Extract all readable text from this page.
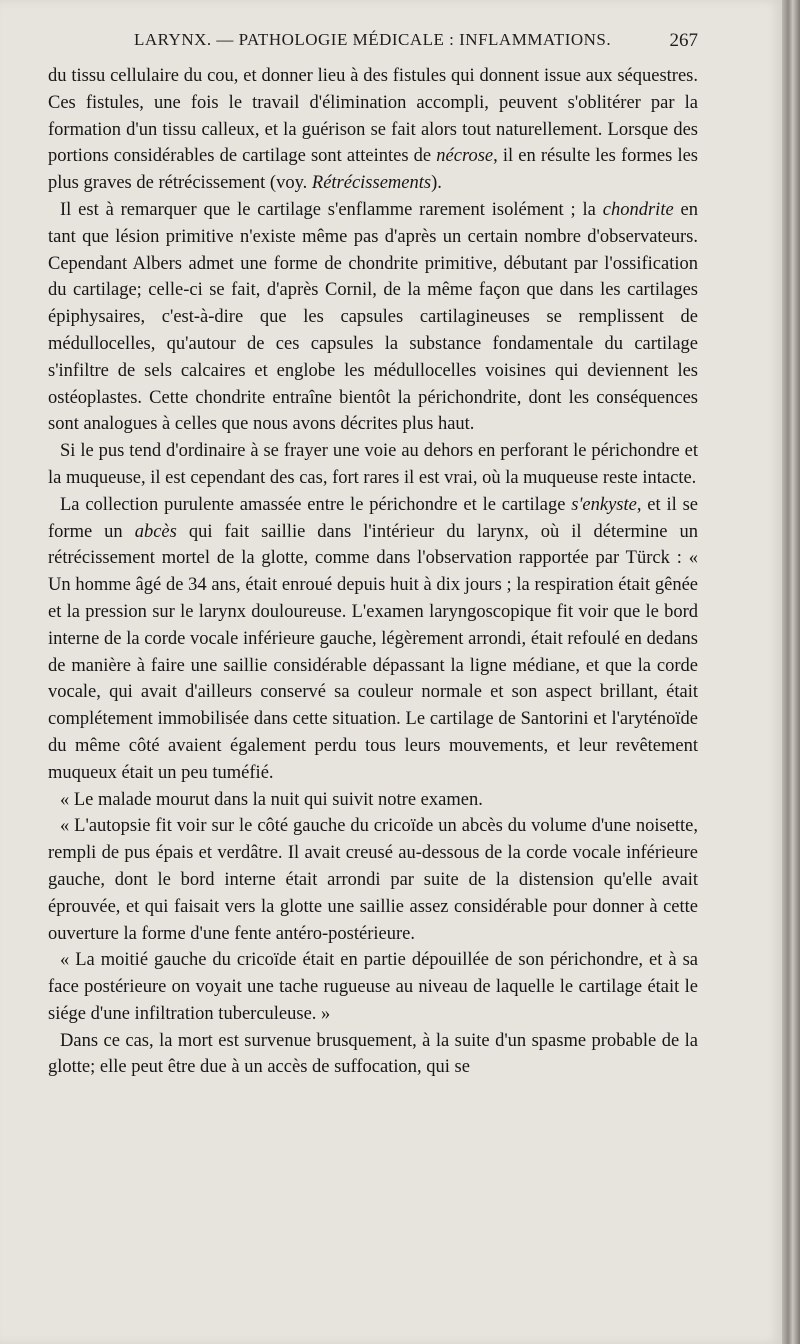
LARYNX. — PATHOLOGIE MÉDICALE : INFLAMMATIONS.	267

du tissu cellulaire du cou, et donner lieu à des fistules qui donnent issue aux séquestres. Ces fistules, une fois le travail d'élimination accompli, peuvent s'oblitérer par la formation d'un tissu calleux, et la guérison se fait alors tout naturellement. Lorsque des portions considérables de cartilage sont atteintes de nécrose, il en résulte les formes les plus graves de rétrécissement (voy. Rétrécissements).

Il est à remarquer que le cartilage s'enflamme rarement isolément ; la chondrite en tant que lésion primitive n'existe même pas d'après un certain nombre d'observateurs. Cependant Albers admet une forme de chondrite primitive, débutant par l'ossification du cartilage; celle-ci se fait, d'après Cornil, de la même façon que dans les cartilages épiphysaires, c'est-à-dire que les capsules cartilagineuses se remplissent de médullocelles, qu'autour de ces capsules la substance fondamentale du cartilage s'infiltre de sels calcaires et englobe les médullocelles voisines qui deviennent les ostéoplastes. Cette chondrite entraîne bientôt la périchondrite, dont les conséquences sont analogues à celles que nous avons décrites plus haut.

Si le pus tend d'ordinaire à se frayer une voie au dehors en perforant le périchondre et la muqueuse, il est cependant des cas, fort rares il est vrai, où la muqueuse reste intacte.

La collection purulente amassée entre le périchondre et le cartilage s'enkyste, et il se forme un abcès qui fait saillie dans l'intérieur du larynx, où il détermine un rétrécissement mortel de la glotte, comme dans l'observation rapportée par Türck : « Un homme âgé de 34 ans, était enroué depuis huit à dix jours ; la respiration était gênée et la pression sur le larynx douloureuse. L'examen laryngoscopique fit voir que le bord interne de la corde vocale inférieure gauche, légèrement arrondi, était refoulé en dedans de manière à faire une saillie considérable dépassant la ligne médiane, et que la corde vocale, qui avait d'ailleurs conservé sa couleur normale et son aspect brillant, était complétement immobilisée dans cette situation. Le cartilage de Santorini et l'aryténoïde du même côté avaient également perdu tous leurs mouvements, et leur revêtement muqueux était un peu tuméfié.

« Le malade mourut dans la nuit qui suivit notre examen.

« L'autopsie fit voir sur le côté gauche du cricoïde un abcès du volume d'une noisette, rempli de pus épais et verdâtre. Il avait creusé au-dessous de la corde vocale inférieure gauche, dont le bord interne était arrondi par suite de la distension qu'elle avait éprouvée, et qui faisait vers la glotte une saillie assez considérable pour donner à cette ouverture la forme d'une fente antéro-postérieure.

« La moitié gauche du cricoïde était en partie dépouillée de son périchondre, et à sa face postérieure on voyait une tache rugueuse au niveau de laquelle le cartilage était le siége d'une infiltration tuberculeuse. »

Dans ce cas, la mort est survenue brusquement, à la suite d'un spasme probable de la glotte; elle peut être due à un accès de suffocation, qui se
